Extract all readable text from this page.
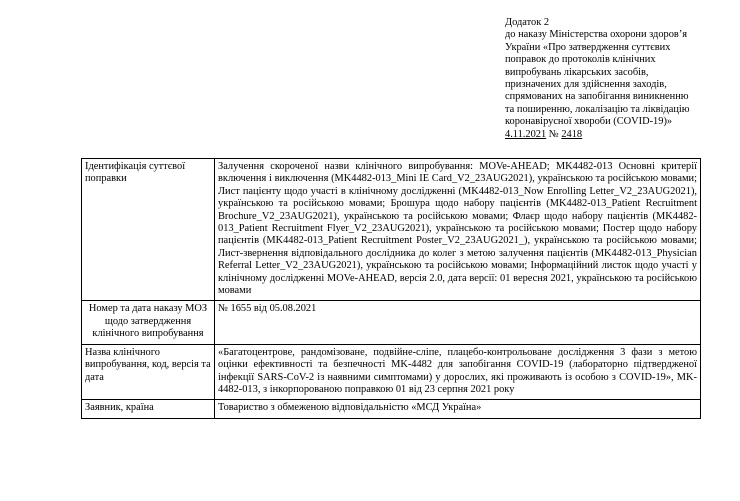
Додаток 2
до наказу Міністерства охорони здоров’я
України «Про затвердження суттєвих
поправок до протоколів клінічних
випробувань лікарських засобів,
призначених для здійснення заходів,
спрямованих на запобігання виникненню
та поширенню, локалізацію та ліквідацію
коронавірусної хвороби (COVID-19)»
4.11.2021 № 2418
Ідентифікація суттєвої поправки	Залучення скороченої назви клінічного випробування: MOVe-AHEAD; MK4482-013 Основні критерії включення і виключення (MK4482-013_Mini IE Card_V2_23AUG2021), українською та російською мовами; Лист пацієнту щодо участі в клінічному дослідженні (MK4482-013_Now Enrolling Letter_V2_23AUG2021), українською та російською мовами; Брошура щодо набору пацієнтів (MK4482-013_Patient Recruitment Brochure_V2_23AUG2021), українською та російською мовами; Флаєр щодо набору пацієнтів (MK4482-013_Patient Recruitment Flyer_V2_23AUG2021), українською та російською мовами; Постер щодо набору пацієнтів (MK4482-013_Patient Recruitment Poster_V2_23AUG2021_), українською та російською мовами; Лист-звернення відповідального дослідника до колег з метою залучення пацієнтів (MK4482-013_Physician Referral Letter_V2_23AUG2021), українською та російською мовами; Інформаційний листок щодо участі у клінічному дослідженні MOVe-AHEAD, версія 2.0, дата версії: 01 вересня 2021, українською та російською мовами
Номер та дата наказу МОЗ щодо затвердження клінічного випробування	№ 1655 від 05.08.2021
Назва клінічного випробування, код, версія та дата	«Багатоцентрове, рандомізоване, подвійне-сліпе, плацебо-контрольоване дослідження 3 фази з метою оцінки ефективності та безпечності MK-4482 для запобігання COVID-19 (лабораторно підтвердженої інфекції SARS-CoV-2 із наявними симптомами) у дорослих, які проживають із особою з COVID-19», MK-4482-013, з інкорпорованою поправкою 01 від 23 серпня 2021 року
Заявник, країна	Товариство з обмеженою відповідальністю «МСД Україна»
